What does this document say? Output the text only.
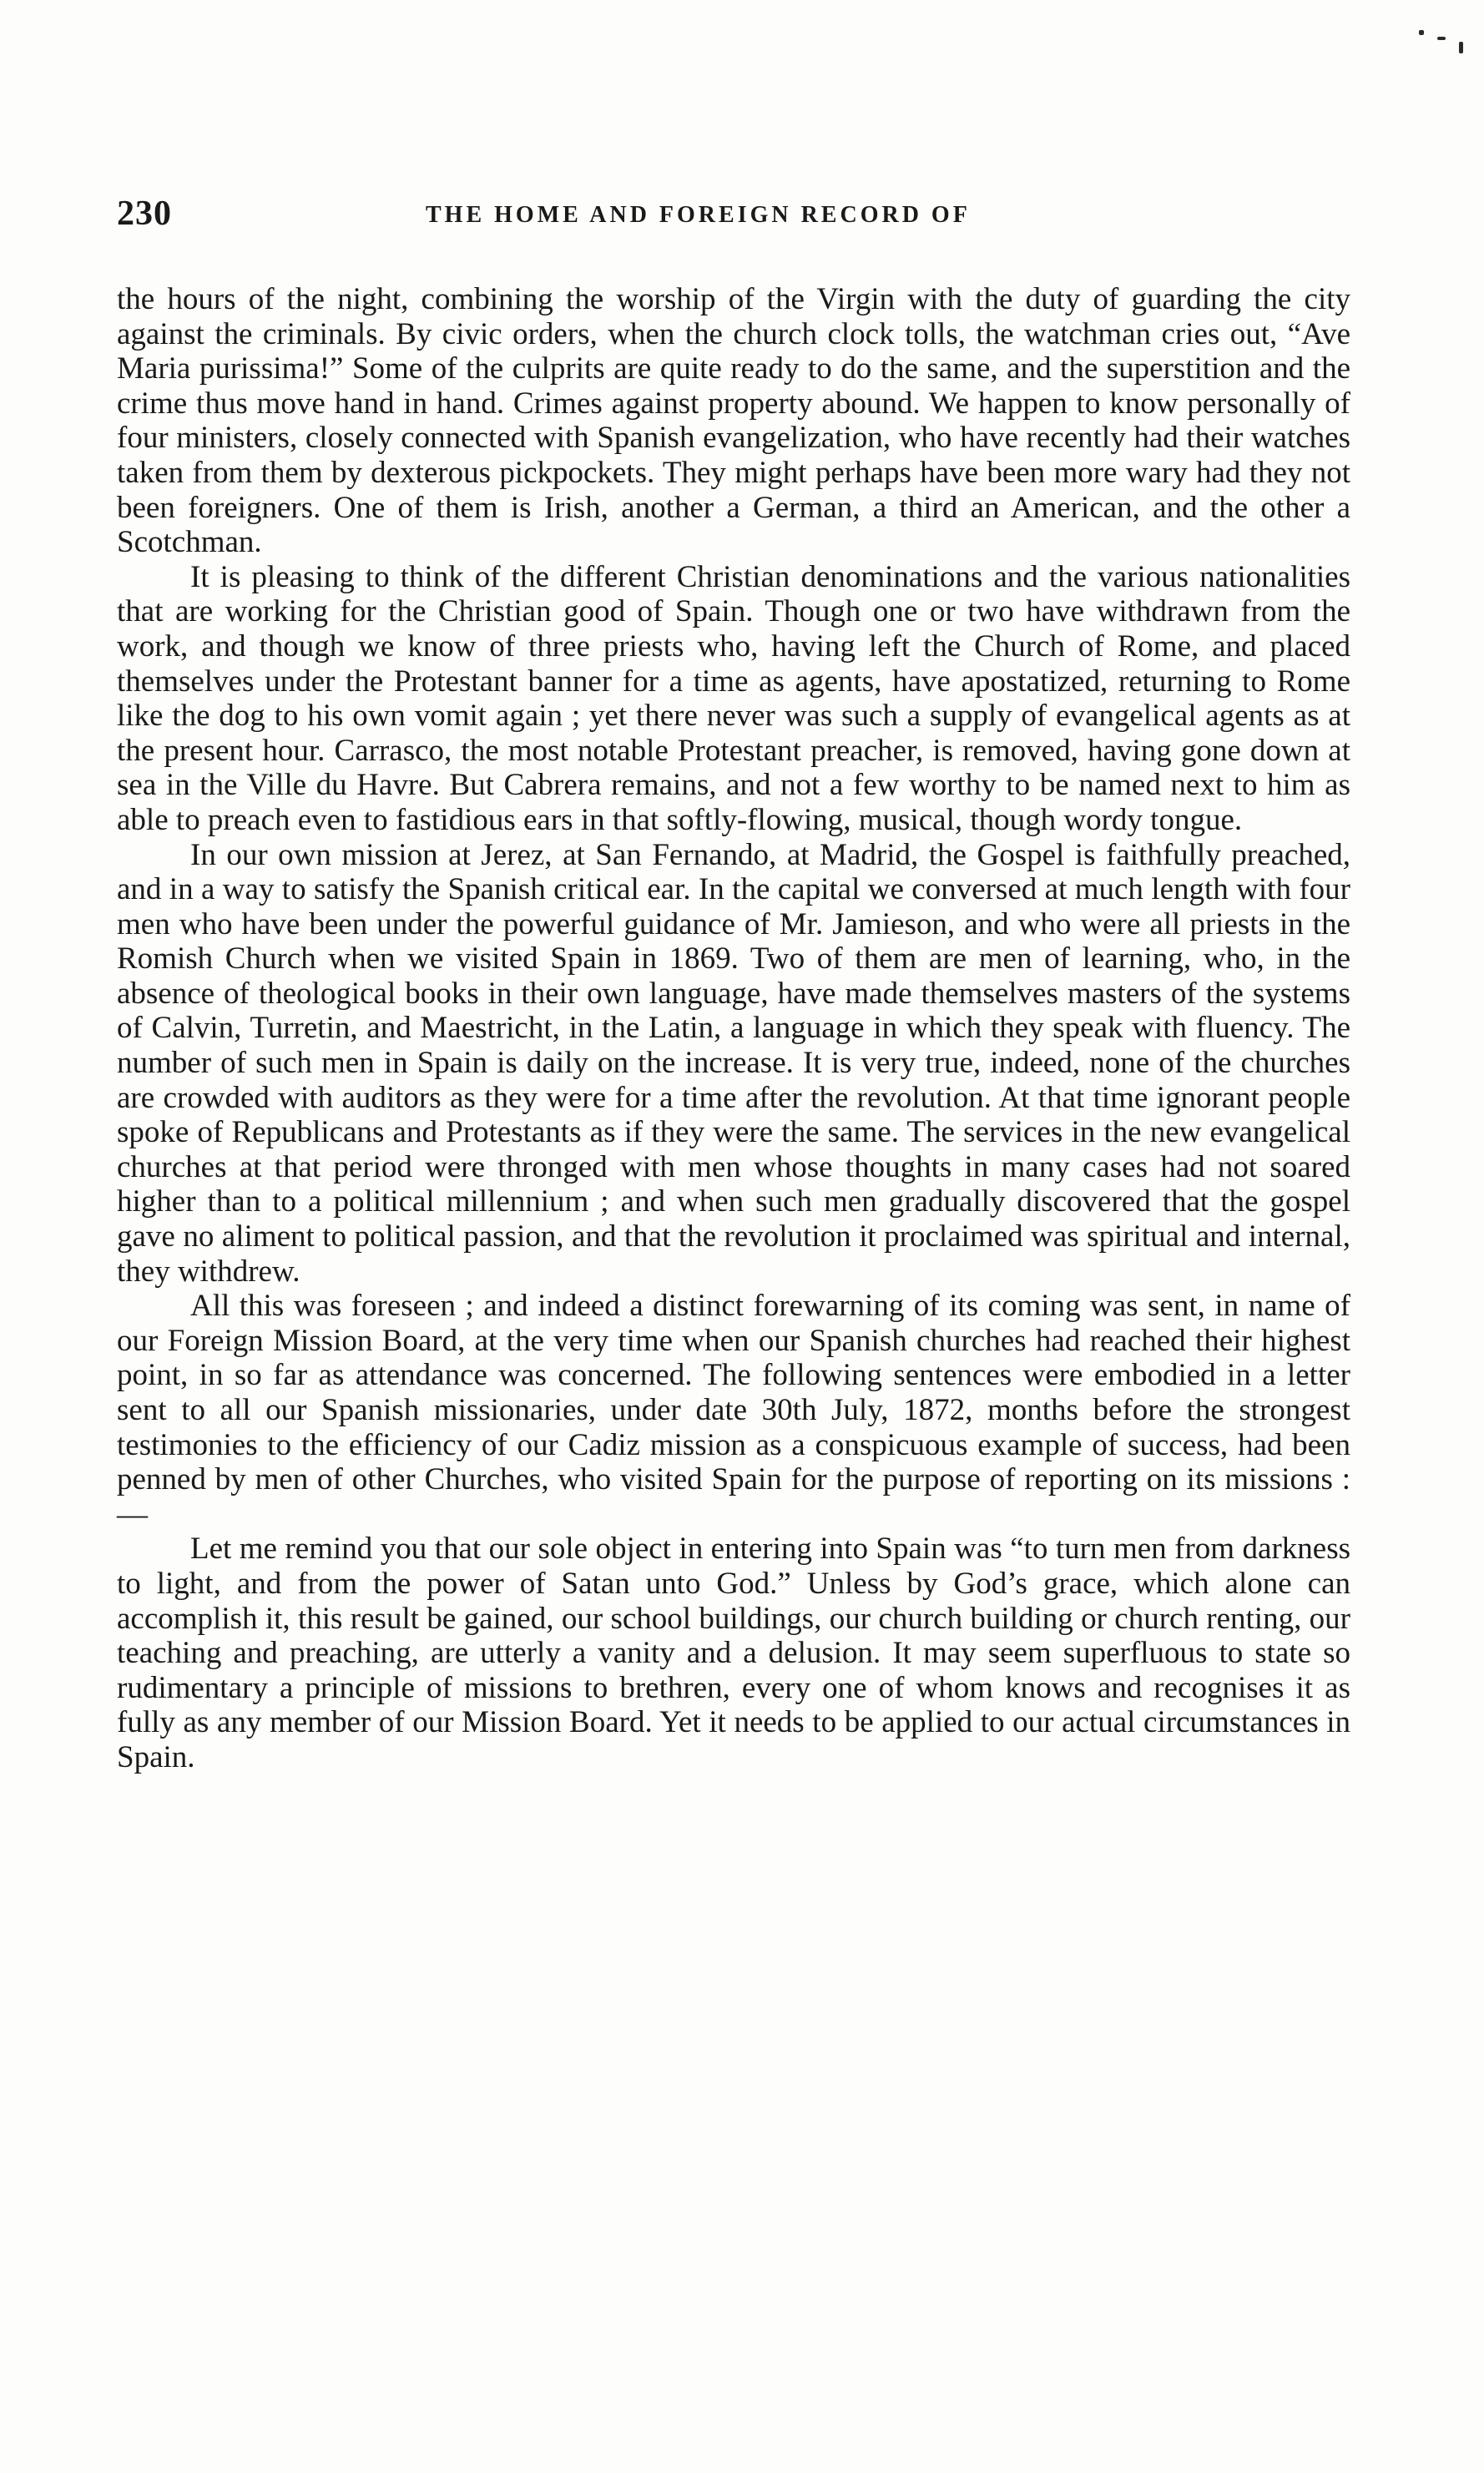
230	THE HOME AND FOREIGN RECORD OF

the hours of the night, combining the worship of the Virgin with the duty of guarding the city against the criminals. By civic orders, when the church clock tolls, the watchman cries out, “Ave Maria purissima!” Some of the culprits are quite ready to do the same, and the superstition and the crime thus move hand in hand. Crimes against property abound. We happen to know personally of four ministers, closely connected with Spanish evangelization, who have recently had their watches taken from them by dexterous pickpockets. They might perhaps have been more wary had they not been foreigners. One of them is Irish, another a German, a third an American, and the other a Scotchman.

It is pleasing to think of the different Christian denominations and the various nationalities that are working for the Christian good of Spain. Though one or two have withdrawn from the work, and though we know of three priests who, having left the Church of Rome, and placed themselves under the Protestant banner for a time as agents, have apostatized, returning to Rome like the dog to his own vomit again ; yet there never was such a supply of evangelical agents as at the present hour. Carrasco, the most notable Protestant preacher, is removed, having gone down at sea in the Ville du Havre. But Cabrera remains, and not a few worthy to be named next to him as able to preach even to fastidious ears in that softly-flowing, musical, though wordy tongue.

In our own mission at Jerez, at San Fernando, at Madrid, the Gospel is faithfully preached, and in a way to satisfy the Spanish critical ear. In the capital we conversed at much length with four men who have been under the powerful guidance of Mr. Jamieson, and who were all priests in the Romish Church when we visited Spain in 1869. Two of them are men of learning, who, in the absence of theological books in their own language, have made themselves masters of the systems of Calvin, Turretin, and Maestricht, in the Latin, a language in which they speak with fluency. The number of such men in Spain is daily on the increase. It is very true, indeed, none of the churches are crowded with auditors as they were for a time after the revolution. At that time ignorant people spoke of Republicans and Protestants as if they were the same. The services in the new evangelical churches at that period were thronged with men whose thoughts in many cases had not soared higher than to a political millennium ; and when such men gradually discovered that the gospel gave no aliment to political passion, and that the revolution it proclaimed was spiritual and internal, they withdrew.

All this was foreseen ; and indeed a distinct forewarning of its coming was sent, in name of our Foreign Mission Board, at the very time when our Spanish churches had reached their highest point, in so far as attendance was concerned. The following sentences were embodied in a letter sent to all our Spanish missionaries, under date 30th July, 1872, months before the strongest testimonies to the efficiency of our Cadiz mission as a conspicuous example of success, had been penned by men of other Churches, who visited Spain for the purpose of reporting on its missions :—

Let me remind you that our sole object in entering into Spain was “to turn men from darkness to light, and from the power of Satan unto God.” Unless by God’s grace, which alone can accomplish it, this result be gained, our school buildings, our church building or church renting, our teaching and preaching, are utterly a vanity and a delusion. It may seem superfluous to state so rudimentary a principle of missions to brethren, every one of whom knows and recognises it as fully as any member of our Mission Board. Yet it needs to be applied to our actual circumstances in Spain.
